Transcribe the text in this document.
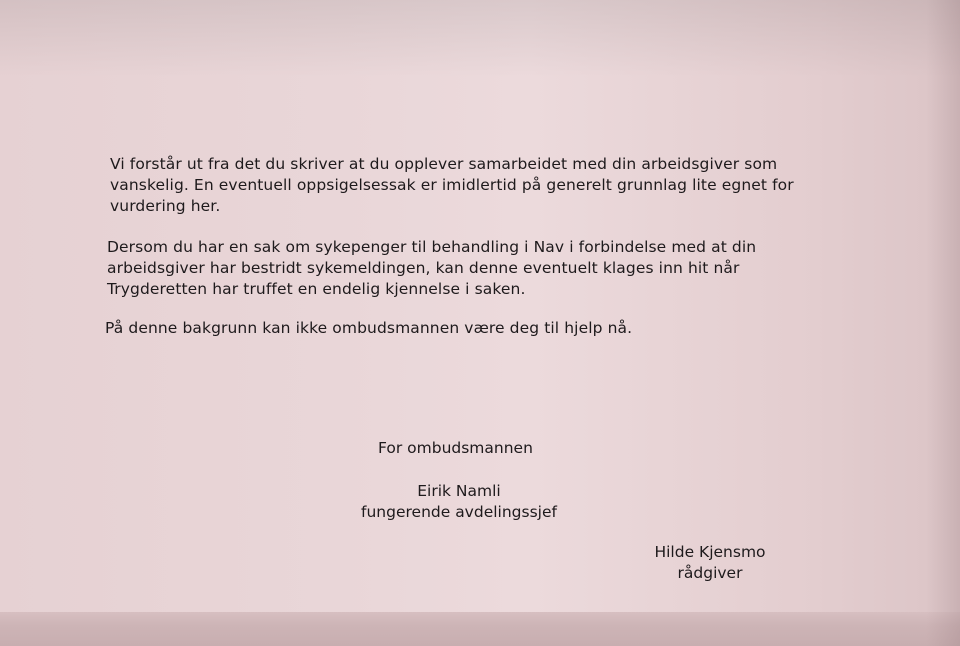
Vi forstår ut fra det du skriver at du opplever samarbeidet med din arbeidsgiver som
vanskelig. En eventuell oppsigelsessak er imidlertid på generelt grunnlag lite egnet for
vurdering her.

Dersom du har en sak om sykepenger til behandling i Nav i forbindelse med at din
arbeidsgiver har bestridt sykemeldingen, kan denne eventuelt klages inn hit når
Trygderetten har truffet en endelig kjennelse i saken.

På denne bakgrunn kan ikke ombudsmannen være deg til hjelp nå.

For ombudsmannen
Eirik Namli
fungerende avdelingssjef
Hilde Kjensmo
rådgiver
